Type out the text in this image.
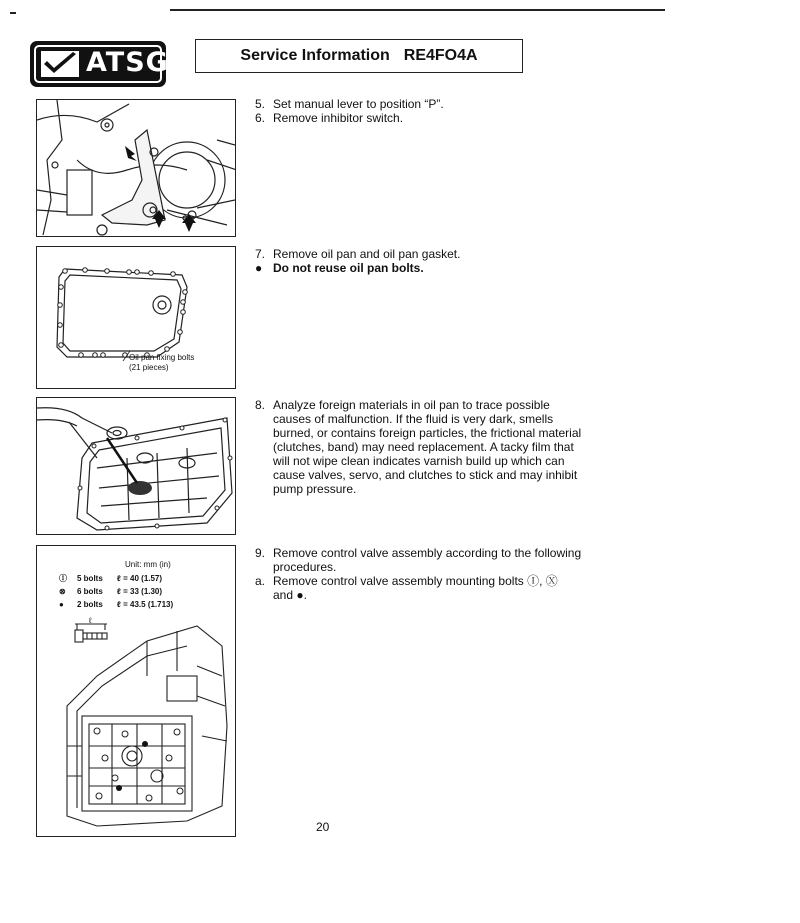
ATSG	Service Information RE4FO4A
Oil pan fixing bolts
(21 pieces)
Unit: mm (in)
Ⓘ	5 bolts	ℓ = 40 (1.57)
⊗	6 bolts	ℓ = 33 (1.30)
●	2 bolts	ℓ = 43.5 (1.713)
ℓ
5. Set manual lever to position “P”.
6. Remove inhibitor switch.
7. Remove oil pan and oil pan gasket.
● Do not reuse oil pan bolts.
8. Analyze foreign materials in oil pan to trace possible causes of malfunction. If the fluid is very dark, smells burned, or contains foreign particles, the frictional material (clutches, band) may need replacement. A tacky film that will not wipe clean indicates varnish build up which can cause valves, servo, and clutches to stick and may inhibit pump pressure.
9. Remove control valve assembly according to the following procedures.
a. Remove control valve assembly mounting bolts Ⓘ, Ⓧ and ●.
20
